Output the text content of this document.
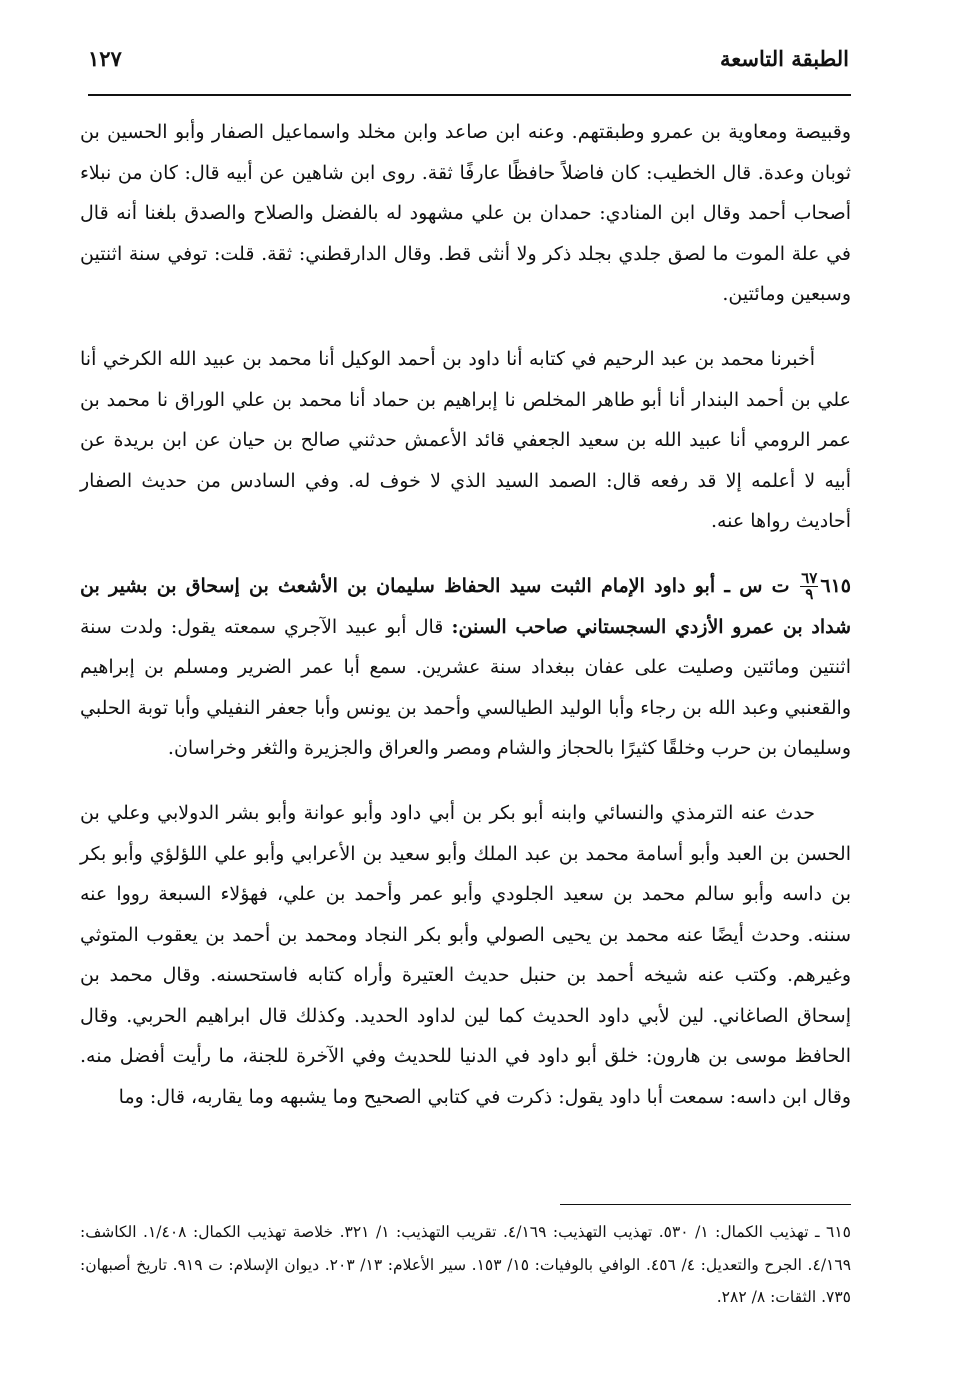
الطبقة التاسعة
١٢٧

وقبيصة ومعاوية بن عمرو وطبقتهم. وعنه ابن صاعد وابن مخلد واسماعيل الصفار وأبو الحسين بن ثوبان وعدة. قال الخطيب: كان فاضلاً حافظًا عارفًا ثقة. روى ابن شاهين عن أبيه قال: كان من نبلاء أصحاب أحمد وقال ابن المنادي: حمدان بن علي مشهود له بالفضل والصلاح والصدق بلغنا أنه قال في علة الموت ما لصق جلدي بجلد ذكر ولا أنثى قط. وقال الدارقطني: ثقة. قلت: توفي سنة اثنتين وسبعين ومائتين.

أخبرنا محمد بن عبد الرحيم في كتابه أنا داود بن أحمد الوكيل أنا محمد بن عبيد الله الكرخي أنا علي بن أحمد البندار أنا أبو طاهر المخلص نا إبراهيم بن حماد أنا محمد بن علي الوراق نا محمد بن عمر الرومي أنا عبيد الله بن سعيد الجعفي قائد الأعمش حدثني صالح بن حيان عن ابن بريدة عن أبيه لا أعلمه إلا قد رفعه قال: الصمد السيد الذي لا خوف له. وفي السادس من حديث الصفار أحاديث رواها عنه.

٦١٥
$\frac{٦٧}{٩}$
ت س ـ أبو داود الإمام الثبت سيد الحفاظ سليمان بن الأشعث بن إسحاق بن بشير بن شداد بن عمرو الأزدي السجستاني صاحب السنن: قال أبو عبيد الآجري سمعته يقول: ولدت سنة اثنتين ومائتين وصليت على عفان ببغداد سنة عشرين. سمع أبا عمر الضرير ومسلم بن إبراهيم والقعنبي وعبد الله بن رجاء وأبا الوليد الطيالسي وأحمد بن يونس وأبا جعفر النفيلي وأبا توبة الحلبي وسليمان بن حرب وخلقًا كثيرًا بالحجاز والشام ومصر والعراق والجزيرة والثغر وخراسان.

حدث عنه الترمذي والنسائي وابنه أبو بكر بن أبي داود وأبو عوانة وأبو بشر الدولابي وعلي بن الحسن بن العبد وأبو أسامة محمد بن عبد الملك وأبو سعيد بن الأعرابي وأبو علي اللؤلؤي وأبو بكر بن داسه وأبو سالم محمد بن سعيد الجلودي وأبو عمر وأحمد بن علي، فهؤلاء السبعة رووا عنه سننه. وحدث أيضًا عنه محمد بن يحيى الصولي وأبو بكر النجاد ومحمد بن أحمد بن يعقوب المتوثي وغيرهم. وكتب عنه شيخه أحمد بن حنبل حديث العتيرة وأراه كتابه فاستحسنه. وقال محمد بن إسحاق الصاغاني. لين لأبي داود الحديث كما لين لداود الحديد. وكذلك قال ابراهيم الحربي. وقال الحافظ موسى بن هارون: خلق أبو داود في الدنيا للحديث وفي الآخرة للجنة، ما رأيت أفضل منه. وقال ابن داسه: سمعت أبا داود يقول: ذكرت في كتابي الصحيح وما يشبهه وما يقاربه، قال: وما

٦١٥ ـ تهذيب الكمال: ١/ ٥٣٠. تهذيب التهذيب: ٤/١٦٩. تقريب التهذيب: ١/ ٣٢١. خلاصة تهذيب الكمال: ١/٤٠٨. الكاشف: ٤/١٦٩. الجرح والتعديل: ٤/ ٤٥٦. الوافي بالوفيات: ١٥/ ١٥٣. سير الأعلام: ١٣/ ٢٠٣. ديوان الإسلام: ت ٩١٩. تاريخ أصبهان: ٧٣٥. الثقات: ٨/ ٢٨٢.
